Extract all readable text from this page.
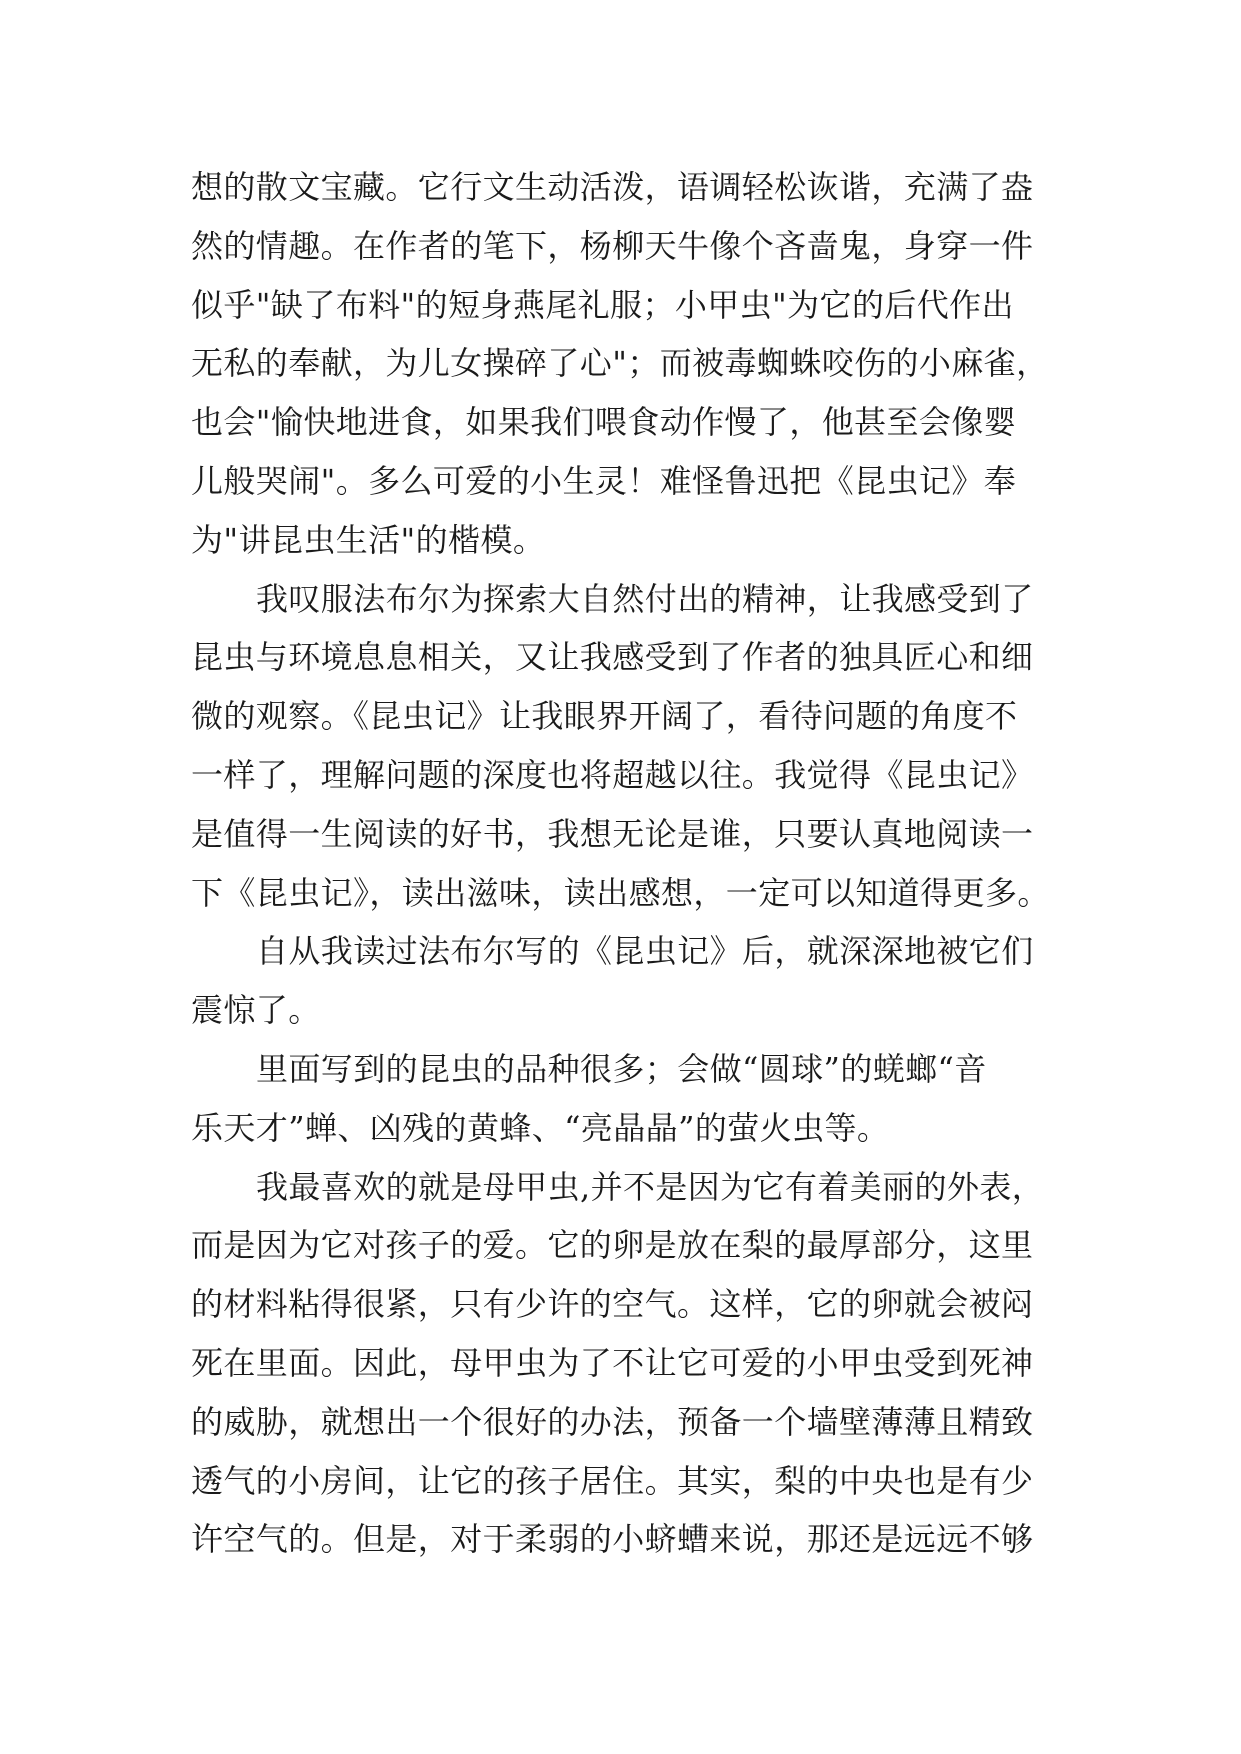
想的散文宝藏。它行文生动活泼，语调轻松诙谐，充满了盎
然的情趣。在作者的笔下，杨柳天牛像个吝啬鬼，身穿一件
似乎"缺了布料"的短身燕尾礼服；小甲虫"为它的后代作出
无私的奉献，为儿女操碎了心"；而被毒蜘蛛咬伤的小麻雀，
也会"愉快地进食，如果我们喂食动作慢了，他甚至会像婴
儿般哭闹"。多么可爱的小生灵！难怪鲁迅把《昆虫记》奉
为"讲昆虫生活"的楷模。
我叹服法布尔为探索大自然付出的精神，让我感受到了
昆虫与环境息息相关，又让我感受到了作者的独具匠心和细
微的观察。《昆虫记》让我眼界开阔了，看待问题的角度不
一样了，理解问题的深度也将超越以往。我觉得《昆虫记》
是值得一生阅读的好书，我想无论是谁，只要认真地阅读一
下《昆虫记》，读出滋味，读出感想，一定可以知道得更多。
自从我读过法布尔写的《昆虫记》后，就深深地被它们
震惊了。
里面写到的昆虫的品种很多；会做“圆球”的蜣螂“音
乐天才”蝉、凶残的黄蜂、“亮晶晶”的萤火虫等。
我最喜欢的就是母甲虫,并不是因为它有着美丽的外表，
而是因为它对孩子的爱。它的卵是放在梨的最厚部分，这里
的材料粘得很紧，只有少许的空气。这样，它的卵就会被闷
死在里面。因此，母甲虫为了不让它可爱的小甲虫受到死神
的威胁，就想出一个很好的办法，预备一个墙壁薄薄且精致
透气的小房间，让它的孩子居住。其实，梨的中央也是有少
许空气的。但是，对于柔弱的小蛴螬来说，那还是远远不够
